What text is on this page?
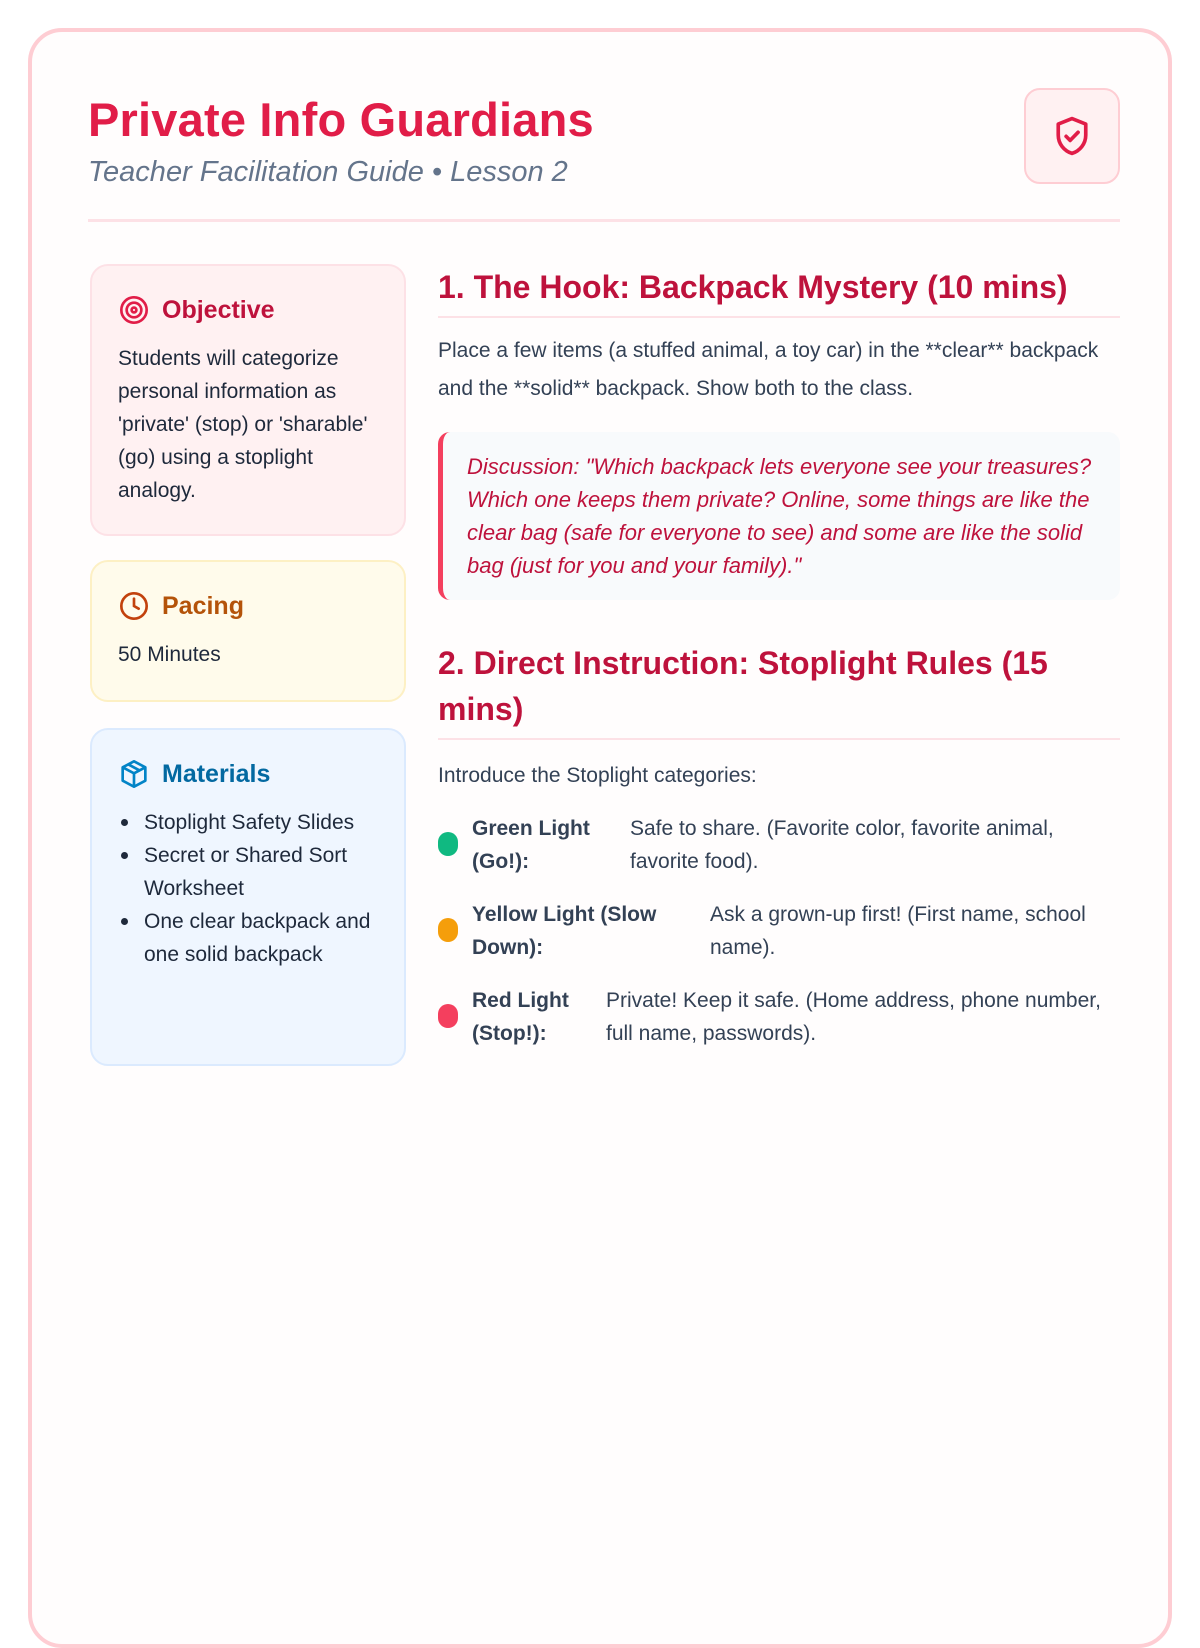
Private Info Guardians
Teacher Facilitation Guide • Lesson 2
Objective
Students will categorize personal information as 'private' (stop) or 'sharable' (go) using a stoplight analogy.
Pacing
50 Minutes
Materials
Stoplight Safety Slides
Secret or Shared Sort Worksheet
One clear backpack and one solid backpack
1. The Hook: Backpack Mystery (10 mins)
Place a few items (a stuffed animal, a toy car) in the **clear** backpack and the **solid** backpack. Show both to the class.
Discussion: "Which backpack lets everyone see your treasures? Which one keeps them private? Online, some things are like the clear bag (safe for everyone to see) and some are like the solid bag (just for you and your family)."
2. Direct Instruction: Stoplight Rules (15 mins)
Introduce the Stoplight categories:
Green Light (Go!):
Safe to share. (Favorite color, favorite animal, favorite food).
Yellow Light (Slow Down):
Ask a grown-up first! (First name, school name).
Red Light (Stop!):
Private! Keep it safe. (Home address, phone number, full name, passwords).
